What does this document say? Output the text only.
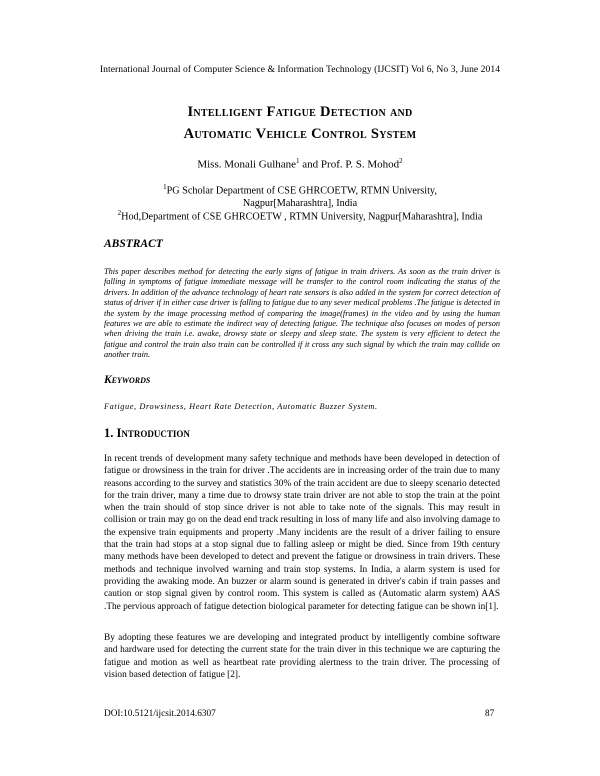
International Journal of Computer Science & Information Technology (IJCSIT) Vol 6, No 3, June 2014
Intelligent Fatigue Detection and
Automatic Vehicle Control System
Miss. Monali Gulhane$^1$ and Prof. P. S. Mohod$^2$
$^1$PG Scholar Department of CSE GHRCOETW, RTMN University,
Nagpur[Maharashtra], India
$^2$Hod,Department of CSE GHRCOETW , RTMN University, Nagpur[Maharashtra], India
ABSTRACT

This paper describes method for detecting the early signs of fatigue in train drivers. As soon as the train driver is falling in symptoms of fatigue immediate message will be transfer to the control room indicating the status of the drivers. In addition of the advance technology of heart rate sensors is also added in the system for correct detection of status of driver if in either case driver is falling to fatigue due to any sever medical problems .The fatigue is detected in the system by the image processing method of comparing the image(frames) in the video and by using the human features we are able to estimate the indirect way of detecting fatigue. The technique also focuses on modes of person when driving the train i.e. awake, drowsy state or sleepy and sleep state. The system is very efficient to detect the fatigue and control the train also train can be controlled if it cross any such signal by which the train may collide on another train.

Keywords
Fatigue, Drowsiness, Heart Rate Detection, Automatic Buzzer System.
1. Introduction

In recent trends of development many safety technique and methods have been developed in detection of fatigue or drowsiness in the train for driver .The accidents are in increasing order of the train due to many reasons according to the survey and statistics 30% of the train accident are due to sleepy scenario detected for the train driver, many a time due to drowsy state train driver are not able to stop the train at the point when the train should of stop since driver is not able to take note of the signals. This may result in collision or train may go on the dead end track resulting in loss of many life and also involving damage to the expensive train equipments and property .Many incidents are the result of a driver failing to ensure that the train had stops at a stop signal due to falling asleep or might be died. Since from 19th century many methods have been developed to detect and prevent the fatigue or drowsiness in train drivers. These methods and technique involved warning and train stop systems. In India, a alarm system is used for providing the awaking mode. An buzzer or alarm sound is generated in driver's cabin if train passes and caution or stop signal given by control room. This system is called as (Automatic alarm system) AAS .The pervious approach of fatigue detection biological parameter for detecting fatigue can be shown in[1].

By adopting these features we are developing and integrated product by intelligently combine software and hardware used for detecting the current state for the train diver in this technique we are capturing the fatigue and motion as well as heartbeat rate providing alertness to the train driver. The processing of vision based detection of fatigue [2].

DOI:10.5121/ijcsit.2014.6307	87
